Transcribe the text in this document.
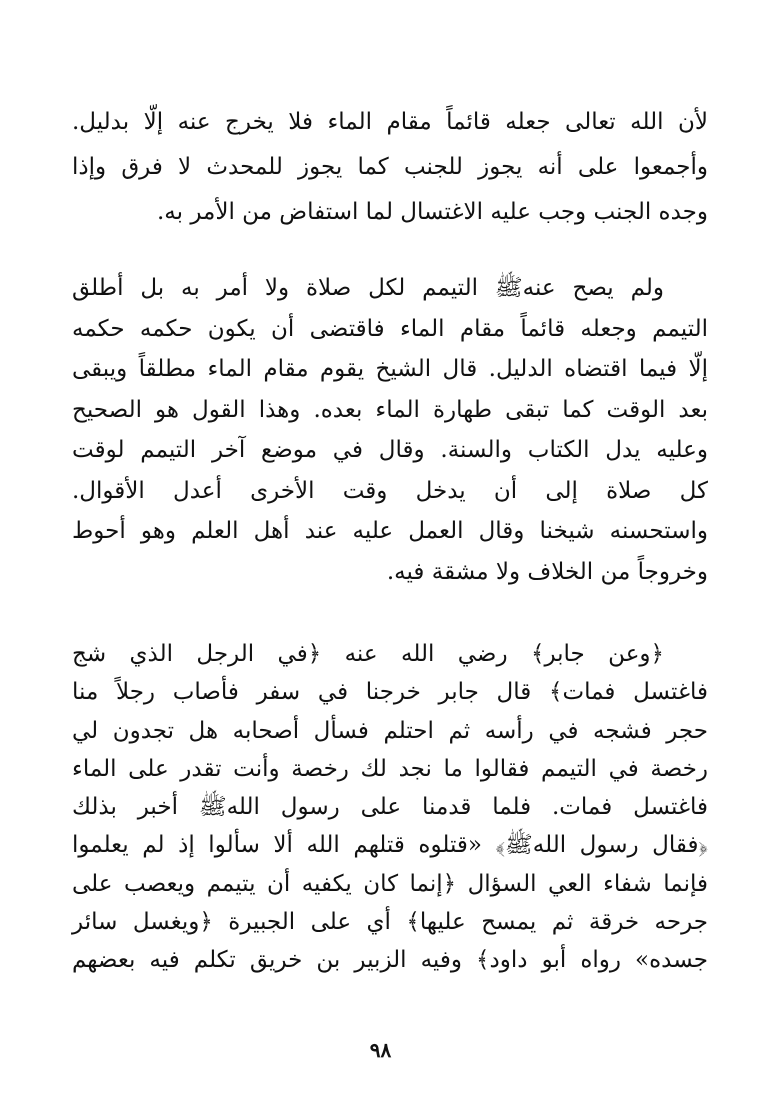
لأن الله تعالى جعله قائماً مقام الماء فلا يخرج عنه إلّا بدليل.
وأجمعوا على أنه يجوز للجنب كما يجوز للمحدث لا فرق وإذا
وجده الجنب وجب عليه الاغتسال لما استفاض من الأمر به.
ولم يصح عنهﷺ التيمم لكل صلاة ولا أمر به بل أطلق
التيمم وجعله قائماً مقام الماء فاقتضى أن يكون حكمه حكمه
إلّا فيما اقتضاه الدليل. قال الشيخ يقوم مقام الماء مطلقاً ويبقى
بعد الوقت كما تبقى طهارة الماء بعده. وهذا القول هو الصحيح
وعليه يدل الكتاب والسنة. وقال في موضع آخر التيمم لوقت
كل صلاة إلى أن يدخل وقت الأخرى أعدل الأقوال.
واستحسنه شيخنا وقال العمل عليه عند أهل العلم وهو أحوط
وخروجاً من الخلاف ولا مشقة فيه.
﴿وعن جابر﴾ رضي الله عنه ﴿في الرجل الذي شج
فاغتسل فمات﴾ قال جابر خرجنا في سفر فأصاب رجلاً منا
حجر فشجه في رأسه ثم احتلم فسأل أصحابه هل تجدون لي
رخصة في التيمم فقالوا ما نجد لك رخصة وأنت تقدر على الماء
فاغتسل فمات. فلما قدمنا على رسول اللهﷺ أخبر بذلك
﴿فقال رسول اللهﷺ﴾ «قتلوه قتلهم الله ألا سألوا إذ لم يعلموا
فإنما شفاء العي السؤال ﴿إنما كان يكفيه أن يتيمم ويعصب على
جرحه خرقة ثم يمسح عليها﴾ أي على الجبيرة ﴿ويغسل سائر
جسده» رواه أبو داود﴾ وفيه الزبير بن خريق تكلم فيه بعضهم
٩٨
